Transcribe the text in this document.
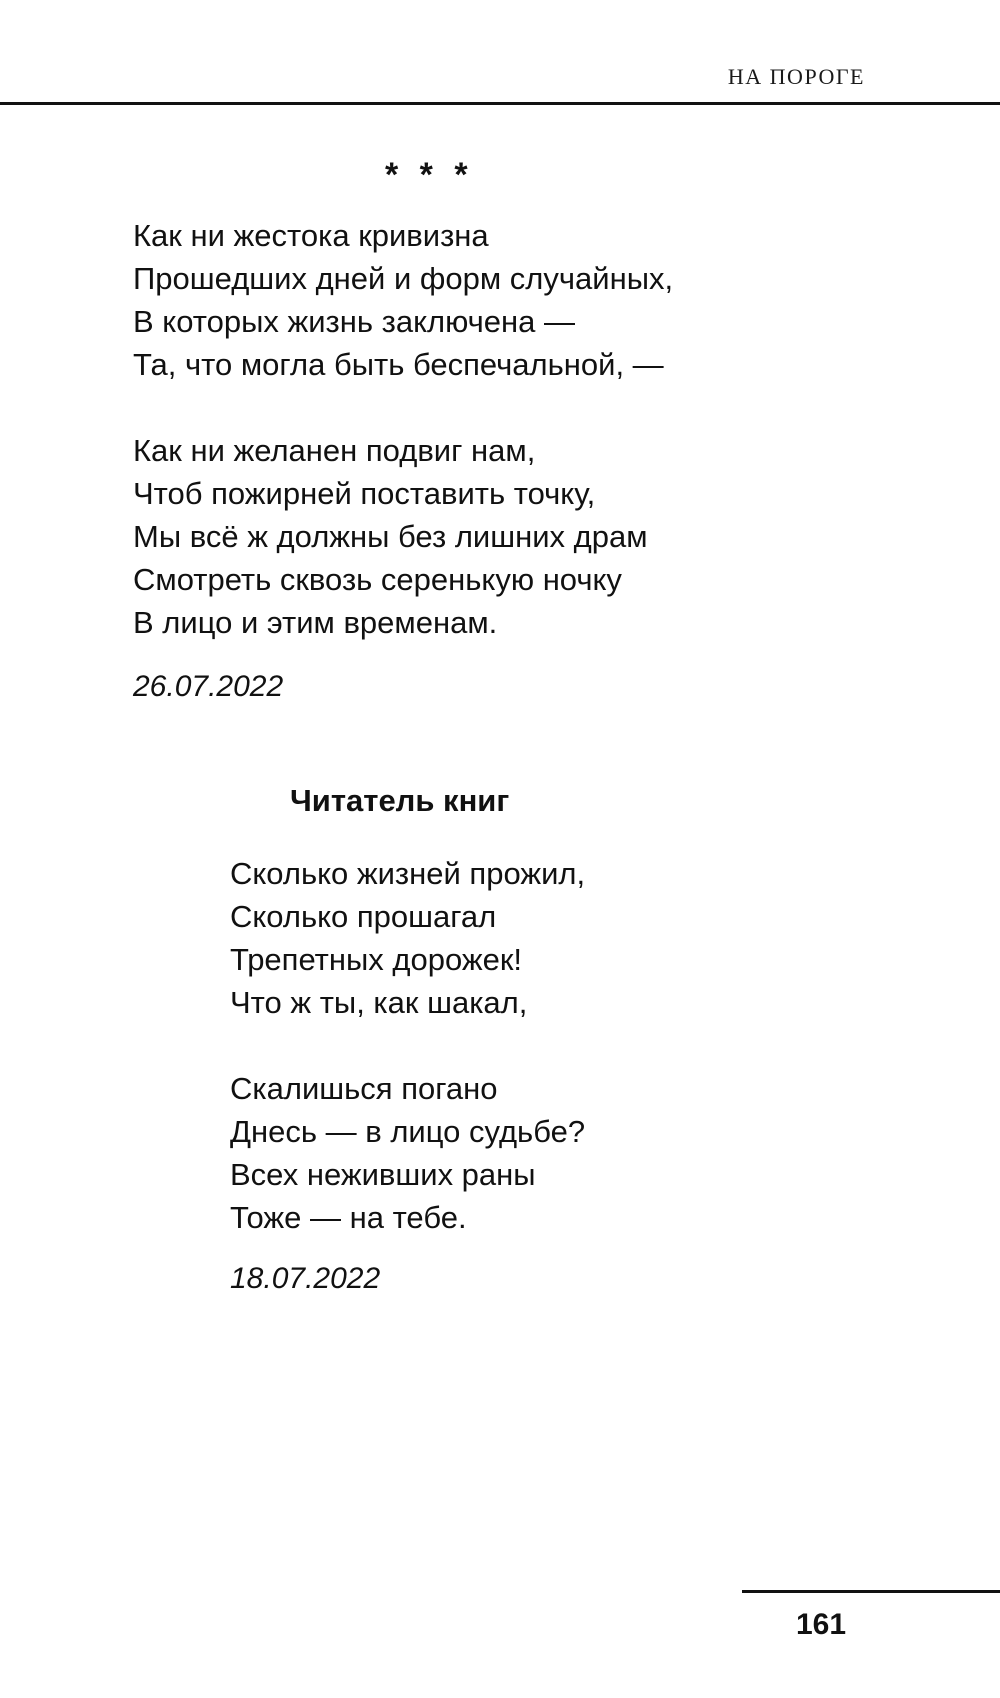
НА ПОРОГЕ
* * *
Как ни жестока кривизна
Прошедших дней и форм случайных,
В которых жизнь заключена —
Та, что могла быть беспечальной, —
Как ни желанен подвиг нам,
Чтоб пожирней поставить точку,
Мы всё ж должны без лишних драм
Смотреть сквозь серенькую ночку
В лицо и этим временам.
26.07.2022
Читатель книг
Сколько жизней прожил,
Сколько прошагал
Трепетных дорожек!
Что ж ты, как шакал,
Скалишься погано
Днесь — в лицо судьбе?
Всех неживших раны
Тоже — на тебе.
18.07.2022
161
